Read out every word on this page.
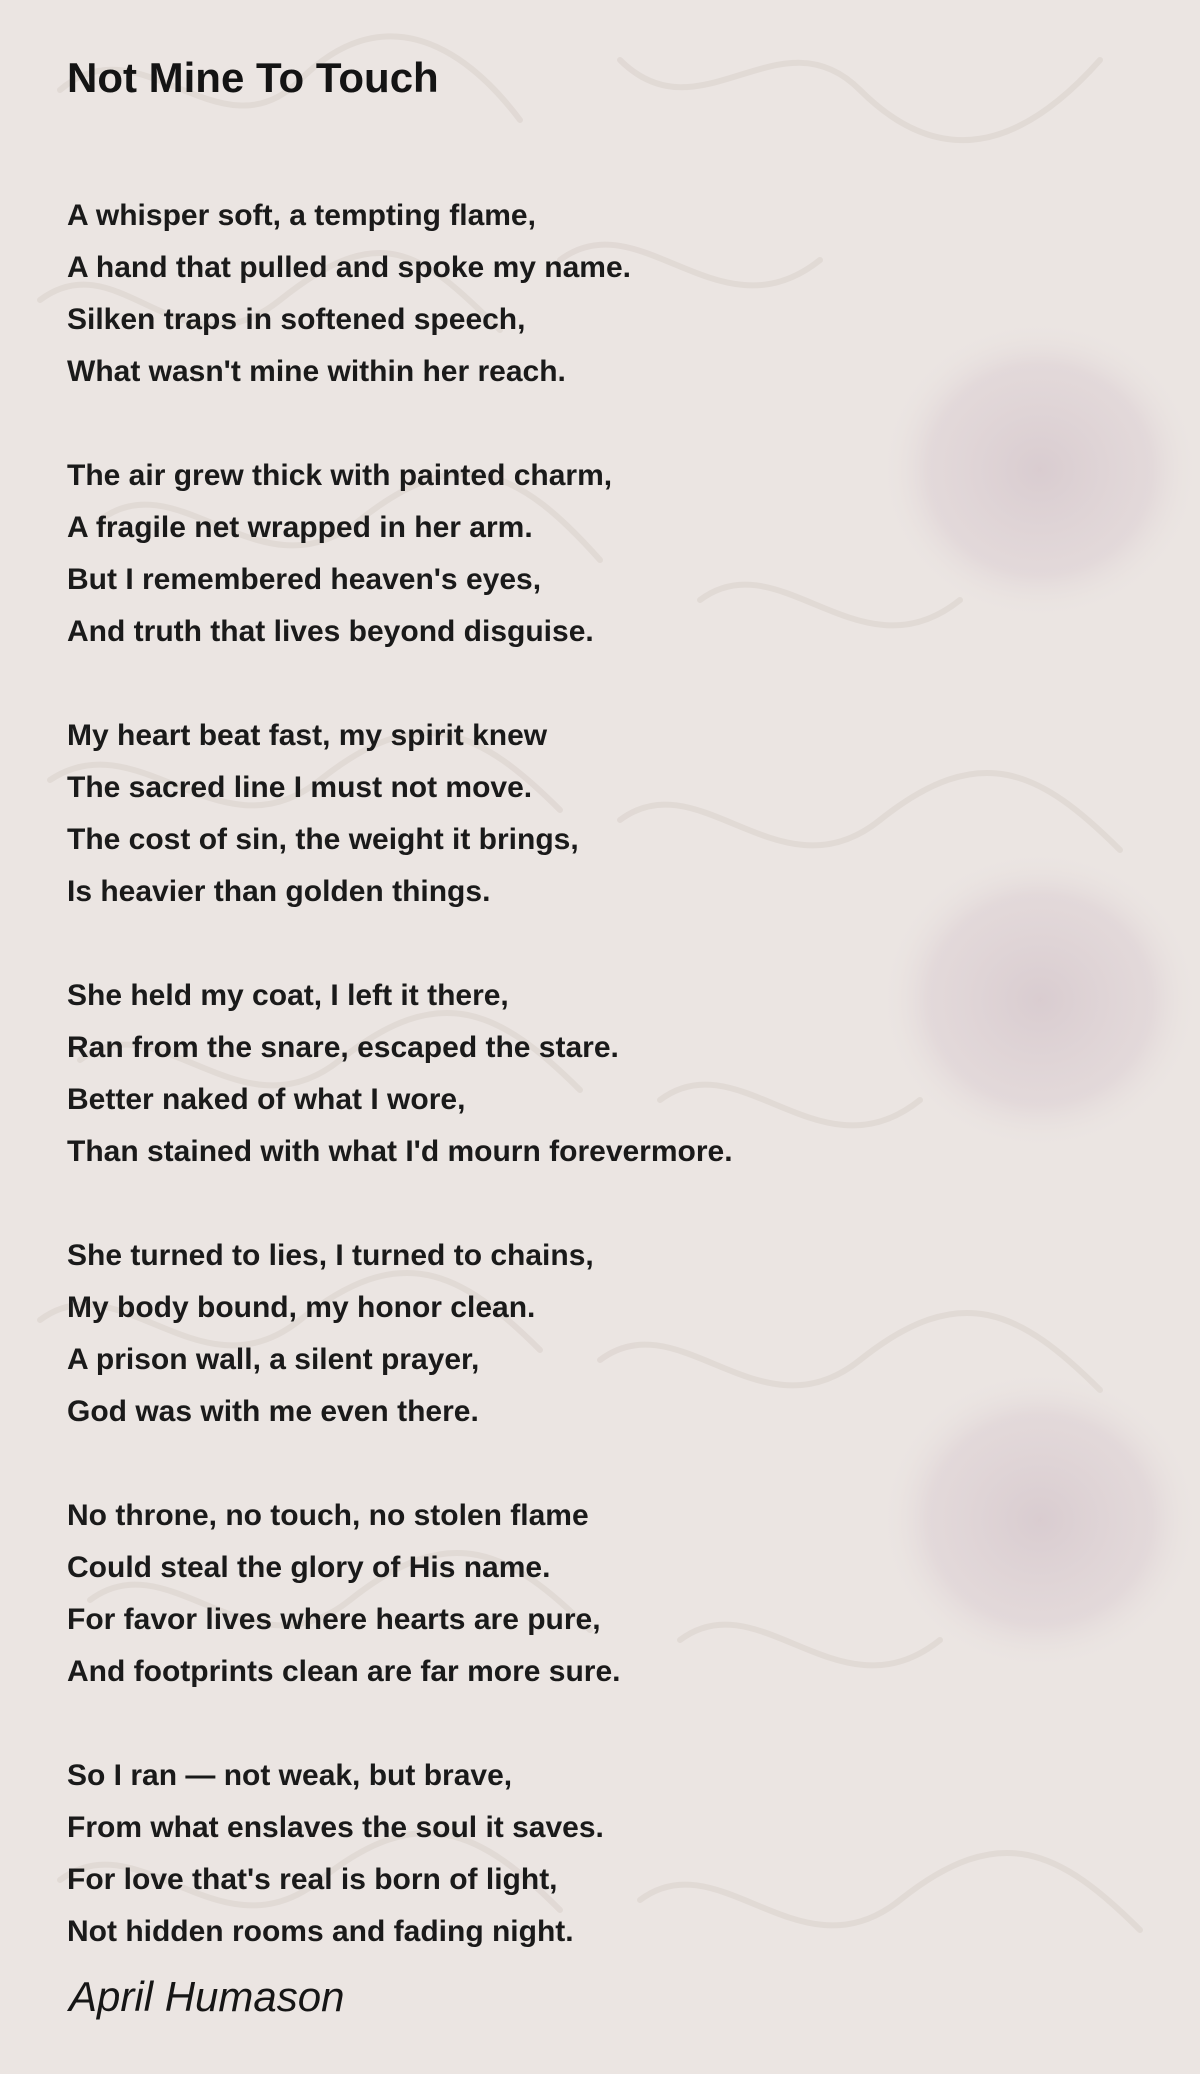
Not Mine To Touch
A whisper soft, a tempting flame,
A hand that pulled and spoke my name.
Silken traps in softened speech,
What wasn't mine within her reach.
The air grew thick with painted charm,
A fragile net wrapped in her arm.
But I remembered heaven's eyes,
And truth that lives beyond disguise.
My heart beat fast, my spirit knew
The sacred line I must not move.
The cost of sin, the weight it brings,
Is heavier than golden things.
She held my coat, I left it there,
Ran from the snare, escaped the stare.
Better naked of what I wore,
Than stained with what I'd mourn forevermore.
She turned to lies, I turned to chains,
My body bound, my honor clean.
A prison wall, a silent prayer,
God was with me even there.
No throne, no touch, no stolen flame
Could steal the glory of His name.
For favor lives where hearts are pure,
And footprints clean are far more sure.
So I ran — not weak, but brave,
From what enslaves the soul it saves.
For love that's real is born of light,
Not hidden rooms and fading night.
April Humason
